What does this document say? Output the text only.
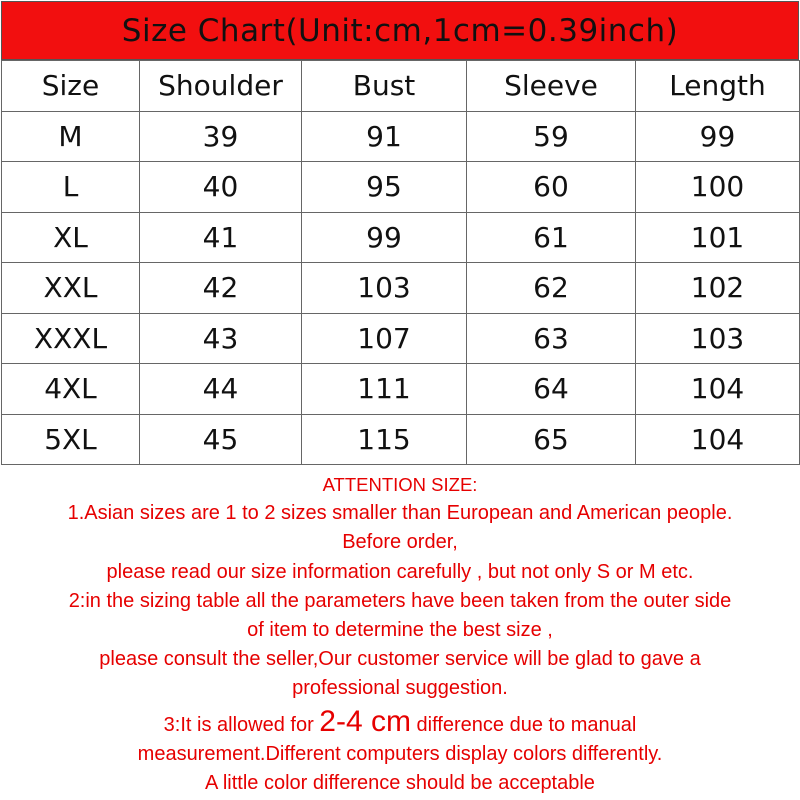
Size Chart(Unit:cm,1cm=0.39inch)
Size	Shoulder	Bust	Sleeve	Length
M	39	91	59	99
L	40	95	60	100
XL	41	99	61	101
XXL	42	103	62	102
XXXL	43	107	63	103
4XL	44	111	64	104
5XL	45	115	65	104
ATTENTION SIZE:
1.Asian sizes are 1 to 2 sizes smaller than European and American people.
Before order,
please read our size information carefully , but not only S or M etc.
2:in the sizing table all the parameters have been taken from the outer side
of item to determine the best size ,
please consult the seller,Our customer service will be glad to gave a
professional suggestion.
3:It is allowed for 2-4 cm difference due to manual
measurement.Different computers display colors differently.
A little color difference should be acceptable
